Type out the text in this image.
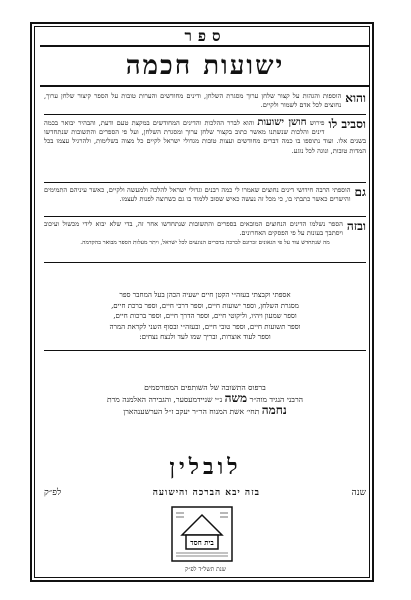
ספר
ישועות חכמה
והוא
הוספות והגהות על קצור שלחן ערוך מסגרת השלחן, ודינים מחודשים והערות טובות על הספר קיצור שלחן ערוך, נחוצים לכל אדם לשמור ולקיים.
וסביב לו
פירוש חושן ישועות והוא לברר ההלכות והדינים המחודשים במקצת טעם ודעת, והבהיר יבואר בכמה דינים והלכות שנשתנו מאשר כתוב בקצור שלחן ערוך ומסגרת השלחן, ועל פי הספרים והתשובות שנתחדשו בשנים אלו. ועוד נתוספו בו כמה דברים מחודשים ועצות טובות מגדולי ישראל לקיים כל מצוה בשלימות, ולהרגיל עצמו בכל המדות טובות, ונוגה לכל נוגע.
גם
הוספתי הרבה חידושי דינים נחוצים שאמרו לי כמה רבנים וגדולי ישראל להלכה ולמעשה ולקיים, כאשר עיניהם התמימים והישרים כאשר כתבתי בו, כי מכל זה נעשה כאיש שסוב ללמוד בו גם כשרוצה לפנות לעצמו.
ובזה
הספר נשלמו הדינים הנחוצים המובאים בספרים והתשובות שנתחדשו אחר זה, בדי שלא יבוא לידי מכשול ועיכוב ויסתבך בעונות על פי הפסקים האחרונים.
מה שנתחדש עוד על פי הגאונים זכרונם לברכה בדברים הנוגעים לכל ישראל, ויתר מעלות הספר מבואר בהקדמה.
אספתי וקבצתי בעזה״י הקטן חיים ישעיה הכהן בעל המחבר ספר
מסגרת השלחן, וספר ישועות חיים, וספר דרכי חיים, וספר ברכת חיים,
וספר שמעון ויהיו, וליקוטי חיים, וספר הדרך חיים, וספר ברכות חיים,
וספר תשועות חיים, וספר טובי חיים, ובעזה״י ובסוף השני לקראת המרה
וספר לעוד אוצרות, ובריך שמו לעד ולנצח נצחים:
ברפוס התשובה של השותפים המפורסמים
הרבני הנגיד מוה״ר משה נ״י שניידמעסער, והגבירה האלמנה מרת
נחמה תחי׳ אשת המנוח הר״ר יעקב ז״ל הערשענהארן
לובלין
שנה
בזה יבא הברכה והישועה
לפ״ק
בית חסד
שנת תשל״ד לפ״ק
